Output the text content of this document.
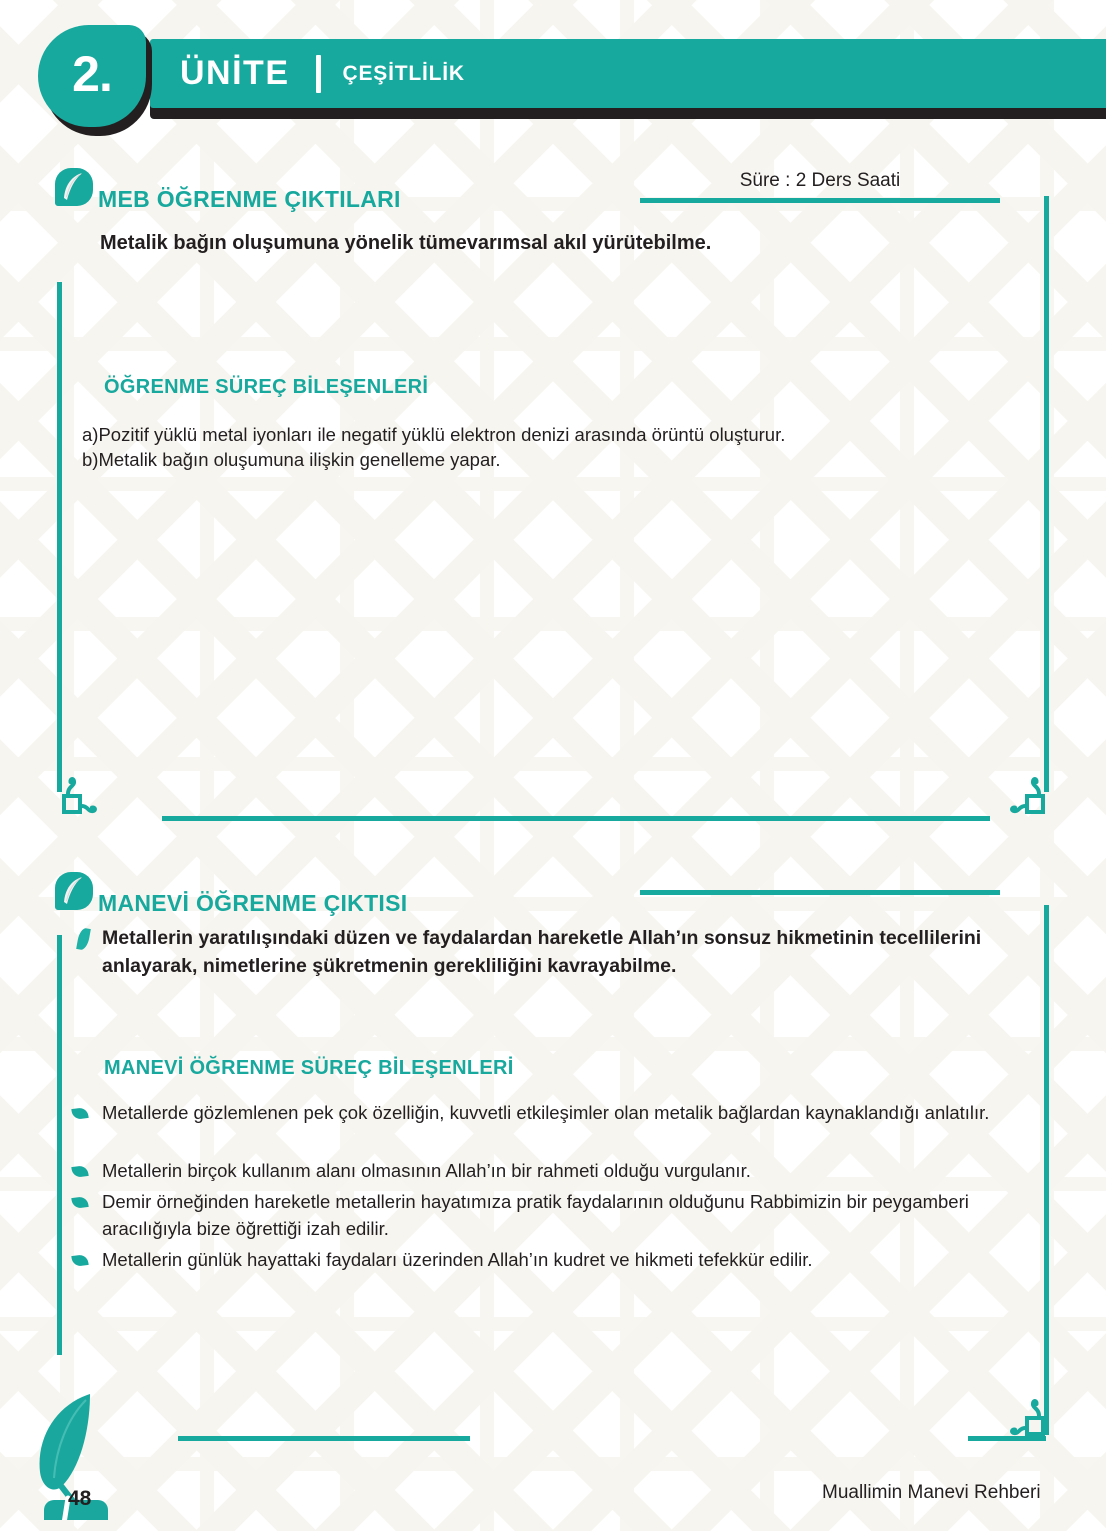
ÜNİTE	ÇEŞİTLİLİK
2.
MEB ÖĞRENME ÇIKTILARI
Süre : 2 Ders Saati
Metalik bağın oluşumuna yönelik tümevarımsal akıl yürütebilme.
ÖĞRENME SÜREÇ BİLEŞENLERİ
a)Pozitif yüklü metal iyonları ile negatif yüklü elektron denizi arasında örüntü oluşturur.
b)Metalik bağın oluşumuna ilişkin genelleme yapar.
MANEVİ ÖĞRENME ÇIKTISI
Metallerin yaratılışındaki düzen ve faydalardan hareketle Allah’ın sonsuz hikmetinin tecellilerini anlayarak, nimetlerine şükretmenin gerekliliğini kavrayabilme.
MANEVİ ÖĞRENME SÜREÇ BİLEŞENLERİ
Metallerde gözlemlenen pek çok özelliğin, kuvvetli etkileşimler olan metalik bağlardan kaynaklandığı anlatılır.
Metallerin birçok kullanım alanı olmasının Allah’ın bir rahmeti olduğu vurgulanır.
Demir örneğinden hareketle metallerin hayatımıza pratik faydalarının olduğunu Rabbimizin bir peygamberi aracılığıyla bize öğrettiği izah edilir.
Metallerin günlük hayattaki faydaları üzerinden Allah’ın kudret ve hikmeti tefekkür edilir.
48	Muallimin Manevi Rehberi
